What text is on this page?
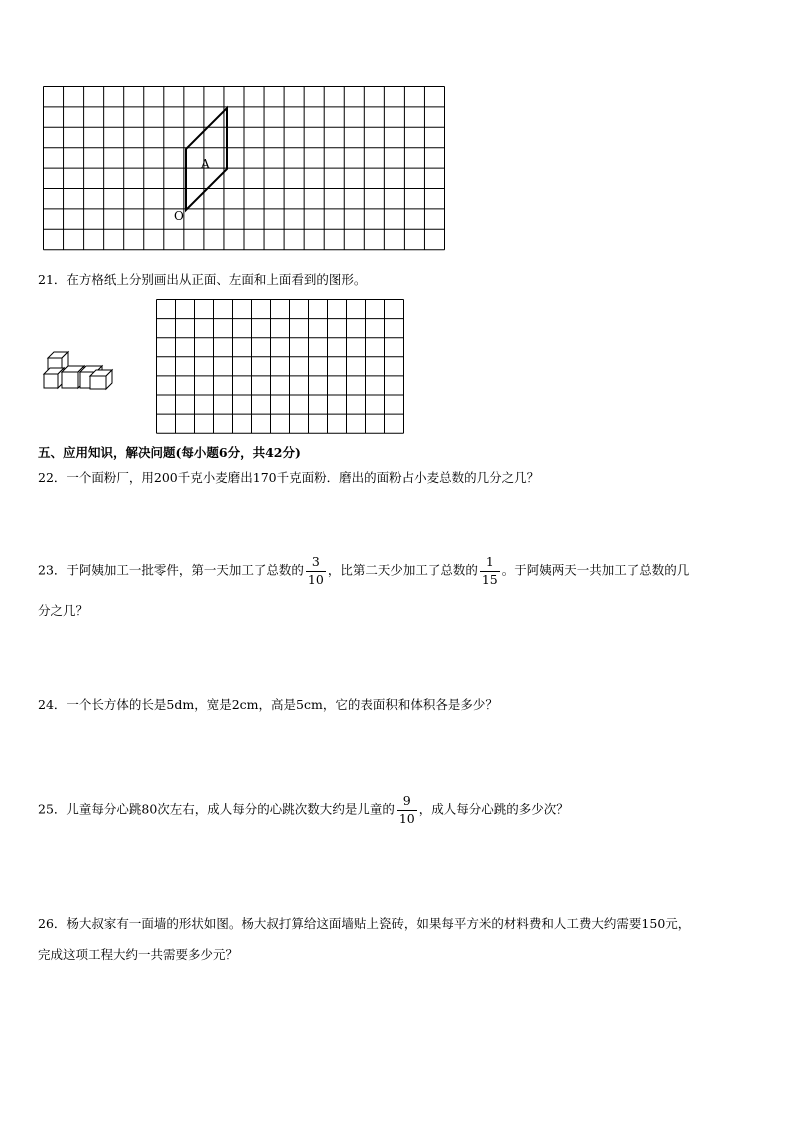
A
O
21．在方格纸上分别画出从正面、左面和上面看到的图形。
五、应用知识，解决问题(每小题6分，共42分)
22．一个面粉厂，用200千克小麦磨出170千克面粉．磨出的面粉占小麦总数的几分之几？
23．于阿姨加工一批零件，第一天加工了总数的 $\frac{3}{10}$ ，比第二天少加工了总数的 $\frac{1}{15}$ 。于阿姨两天一共加工了总数的几
分之几？
24．一个长方体的长是5dm，宽是2cm，高是5cm，它的表面积和体积各是多少？
25．儿童每分心跳80次左右，成人每分的心跳次数大约是儿童的 $\frac{9}{10}$ ，成人每分心跳的多少次？
26．杨大叔家有一面墙的形状如图。杨大叔打算给这面墙贴上瓷砖，如果每平方米的材料费和人工费大约需要150元，
完成这项工程大约一共需要多少元？
